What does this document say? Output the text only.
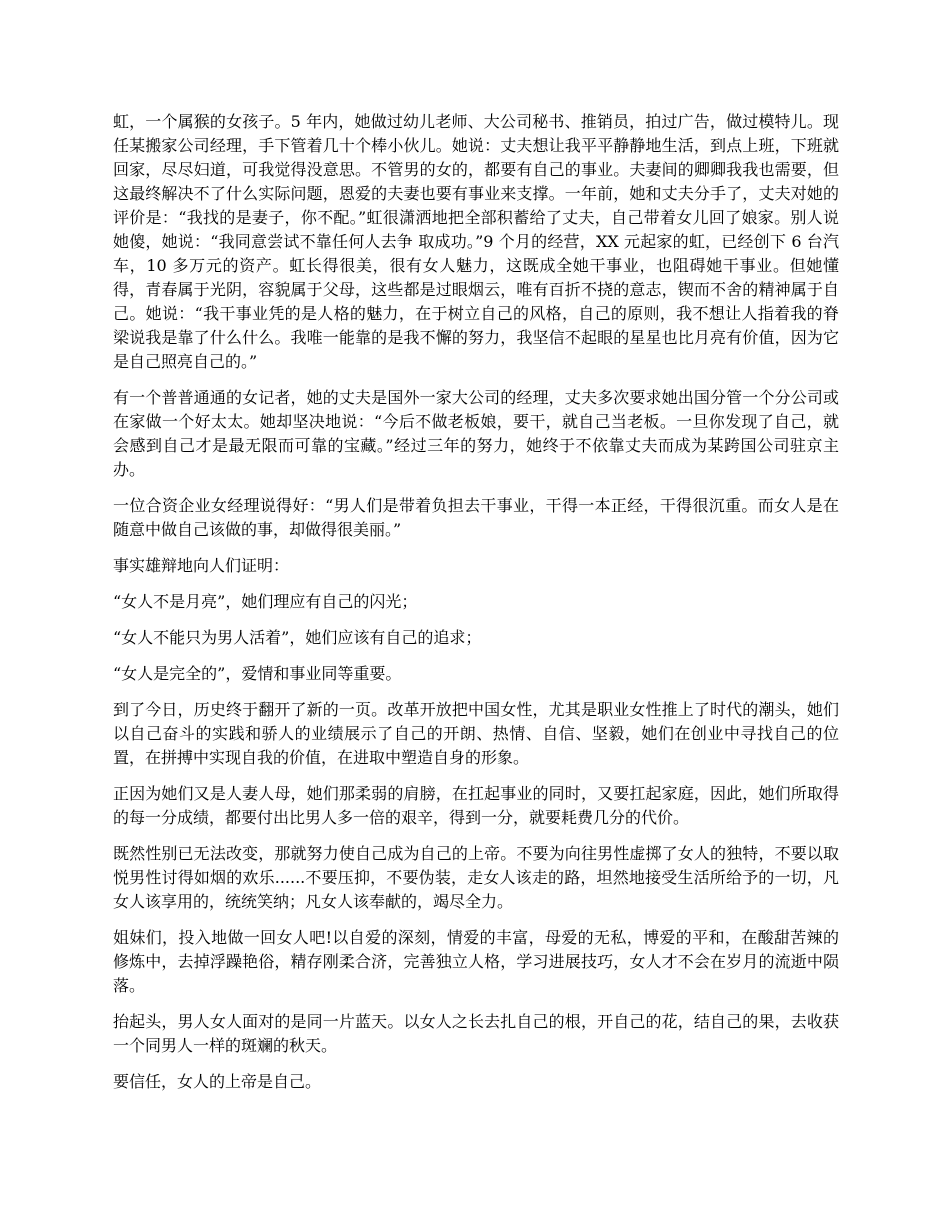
虹，一个属猴的女孩子。5 年内，她做过幼儿老师、大公司秘书、推销员，拍过广告，做过模特儿。现任某搬家公司经理，手下管着几十个棒小伙儿。她说：丈夫想让我平平静静地生活，到点上班，下班就回家，尽尽妇道，可我觉得没意思。不管男的女的，都要有自己的事业。夫妻间的卿卿我我也需要，但这最终解决不了什么实际问题，恩爱的夫妻也要有事业来支撑。一年前，她和丈夫分手了，丈夫对她的评价是：“我找的是妻子，你不配。”虹很潇洒地把全部积蓄给了丈夫，自己带着女儿回了娘家。别人说她傻，她说：“我同意尝试不靠任何人去争 取成功。”9 个月的经营，XX 元起家的虹，已经创下 6 台汽车，10 多万元的资产。虹长得很美，很有女人魅力，这既成全她干事业，也阻碍她干事业。但她懂得，青春属于光阴，容貌属于父母，这些都是过眼烟云，唯有百折不挠的意志，锲而不舍的精神属于自己。她说：“我干事业凭的是人格的魅力，在于树立自己的风格，自己的原则，我不想让人指着我的脊梁说我是靠了什么什么。我唯一能靠的是我不懈的努力，我坚信不起眼的星星也比月亮有价值，因为它是自己照亮自己的。”

有一个普普通通的女记者，她的丈夫是国外一家大公司的经理，丈夫多次要求她出国分管一个分公司或在家做一个好太太。她却坚决地说：“今后不做老板娘，要干，就自己当老板。一旦你发现了自己，就会感到自己才是最无限而可靠的宝藏。”经过三年的努力，她终于不依靠丈夫而成为某跨国公司驻京主办。

一位合资企业女经理说得好：“男人们是带着负担去干事业，干得一本正经，干得很沉重。而女人是在随意中做自己该做的事，却做得很美丽。”

事实雄辩地向人们证明：

“女人不是月亮”，她们理应有自己的闪光；

“女人不能只为男人活着”，她们应该有自己的追求；

“女人是完全的”，爱情和事业同等重要。

到了今日，历史终于翻开了新的一页。改革开放把中国女性，尤其是职业女性推上了时代的潮头，她们以自己奋斗的实践和骄人的业绩展示了自己的开朗、热情、自信、坚毅，她们在创业中寻找自己的位置，在拼搏中实现自我的价值，在进取中塑造自身的形象。

正因为她们又是人妻人母，她们那柔弱的肩膀，在扛起事业的同时，又要扛起家庭，因此，她们所取得的每一分成绩，都要付出比男人多一倍的艰辛，得到一分，就要耗费几分的代价。

既然性别已无法改变，那就努力使自己成为自己的上帝。不要为向往男性虚掷了女人的独特，不要以取悦男性讨得如烟的欢乐......不要压抑，不要伪装，走女人该走的路，坦然地接受生活所给予的一切，凡女人该享用的，统统笑纳；凡女人该奉献的，竭尽全力。

姐妹们，投入地做一回女人吧!以自爱的深刻，情爱的丰富，母爱的无私，博爱的平和，在酸甜苦辣的修炼中，去掉浮躁艳俗，精存刚柔合济，完善独立人格，学习进展技巧，女人才不会在岁月的流逝中陨落。

抬起头，男人女人面对的是同一片蓝天。以女人之长去扎自己的根，开自己的花，结自己的果，去收获一个同男人一样的斑斓的秋天。

要信任，女人的上帝是自己。
